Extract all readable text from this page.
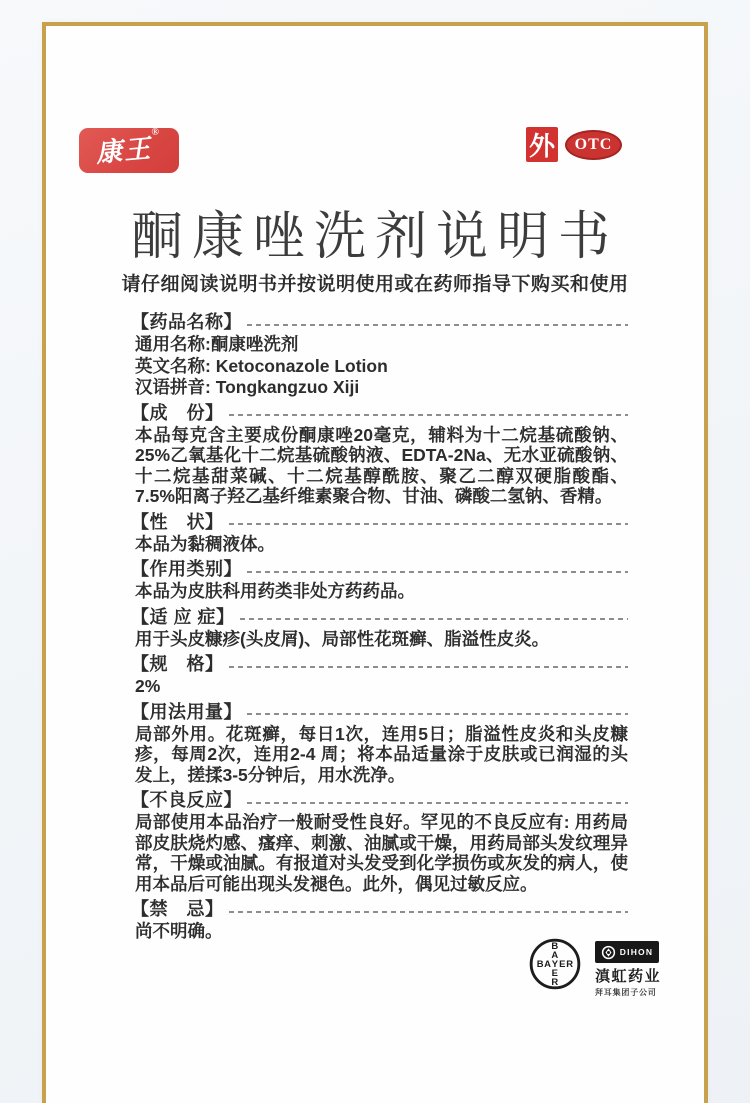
康王®
外	OTC
酮康唑洗剂说明书
请仔细阅读说明书并按说明使用或在药师指导下购买和使用
【药品名称】

通用名称:酮康唑洗剂

英文名称: Ketoconazole Lotion

汉语拼音: Tongkangzuo Xiji

【成　份】

本品每克含主要成份酮康唑20毫克，辅料为十二烷基硫酸钠、25%乙氧基化十二烷基硫酸钠液、EDTA-2Na、无水亚硫酸钠、十二烷基甜菜碱、十二烷基醇酰胺、聚乙二醇双硬脂酸酯、7.5%阳离子羟乙基纤维素聚合物、甘油、磷酸二氢钠、香精。

【性　状】

本品为黏稠液体。

【作用类别】

本品为皮肤科用药类非处方药药品。

【适 应 症】

用于头皮糠疹(头皮屑)、局部性花斑癣、脂溢性皮炎。

【规　格】

2%

【用法用量】

局部外用。花斑癣，每日1次，连用5日；脂溢性皮炎和头皮糠疹，每周2次，连用2-4 周；将本品适量涂于皮肤或已润湿的头发上，搓揉3-5分钟后，用水洗净。

【不良反应】

局部使用本品治疗一般耐受性良好。罕见的不良反应有: 用药局部皮肤烧灼感、瘙痒、刺激、油腻或干燥，用药局部头发纹理异常，干燥或油腻。有报道对头发受到化学损伤或灰发的病人，使用本品后可能出现头发褪色。此外，偶见过敏反应。

【禁　忌】

尚不明确。

B A Y E R
B
A
E
R
DIHON
滇虹药业
拜耳集团子公司
